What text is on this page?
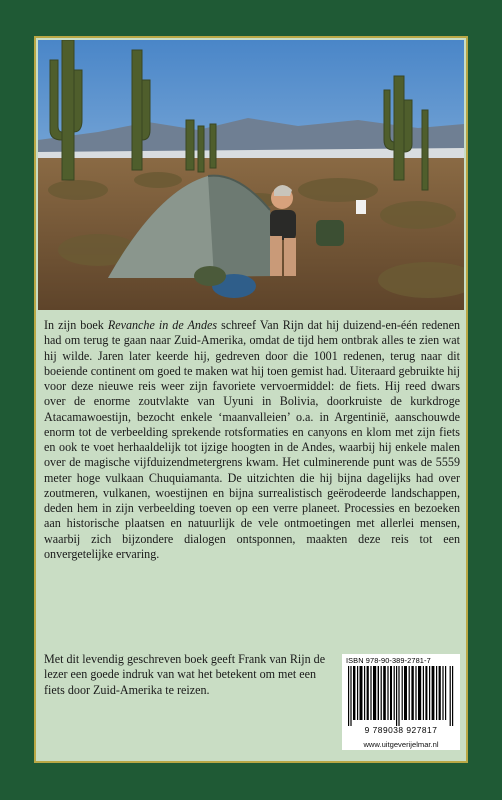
In zijn boek Revanche in de Andes schreef Van Rijn dat hij duizend-en-één redenen had om terug te gaan naar Zuid-Amerika, omdat de tijd hem ontbrak alles te zien wat hij wilde. Jaren later keerde hij, gedreven door die 1001 redenen, terug naar dit boeiende continent om goed te maken wat hij toen gemist had. Uiteraard gebruikte hij voor deze nieuwe reis weer zijn favoriete vervoermiddel: de fiets. Hij reed dwars over de enorme zoutvlakte van Uyuni in Bolivia, doorkruiste de kurkdroge Atacamawoestijn, bezocht enkele ‘maanvalleien’ o.a. in Argentinië, aanschouwde enorm tot de verbeelding sprekende rotsformaties en canyons en klom met zijn fiets en ook te voet herhaaldelijk tot ijzige hoogten in de Andes, waarbij hij enkele malen over de magische vijfduizendmetergrens kwam. Het culminerende punt was de 5559 meter hoge vulkaan Chuquiamanta. De uitzichten die hij bijna dagelijks had over zoutmeren, vulkanen, woestijnen en bijna surrealistisch geërodeerde landschappen, deden hem in zijn verbeelding toeven op een verre planeet. Processies en bezoeken aan historische plaatsen en natuurlijk de vele ontmoetingen met allerlei mensen, waarbij zich bijzondere dialogen ontsponnen, maakten deze reis tot een onvergetelijke ervaring.

Met dit levendig geschreven boek geeft Frank van Rijn de lezer een goede indruk van wat het betekent om met een fiets door Zuid-Amerika te reizen.

ISBN 978-90-389-2781-7
9 789038 927817
www.uitgeverijelmar.nl
